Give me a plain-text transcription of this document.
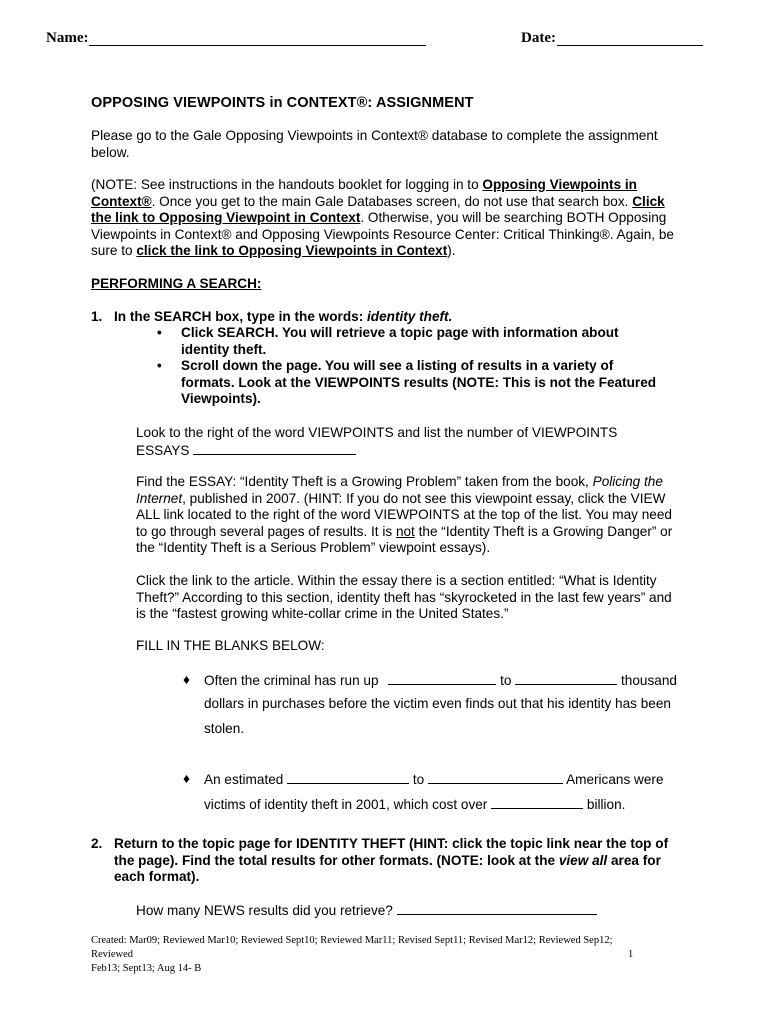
Name:	Date:
OPPOSING VIEWPOINTS in CONTEXT®: ASSIGNMENT
Please go to the Gale Opposing Viewpoints in Context® database to complete the assignment below.
(NOTE: See instructions in the handouts booklet for logging in to Opposing Viewpoints in Context®. Once you get to the main Gale Databases screen, do not use that search box. Click the link to Opposing Viewpoint in Context. Otherwise, you will be searching BOTH Opposing Viewpoints in Context® and Opposing Viewpoints Resource Center: Critical Thinking®. Again, be sure to click the link to Opposing Viewpoints in Context).
PERFORMING A SEARCH:
1. In the SEARCH box, type in the words: identity theft.
• Click SEARCH. You will retrieve a topic page with information about identity theft.
• Scroll down the page. You will see a listing of results in a variety of formats. Look at the VIEWPOINTS results (NOTE: This is not the Featured Viewpoints).
Look to the right of the word VIEWPOINTS and list the number of VIEWPOINTS ESSAYS
Find the ESSAY: “Identity Theft is a Growing Problem” taken from the book, Policing the Internet, published in 2007. (HINT: If you do not see this viewpoint essay, click the VIEW ALL link located to the right of the word VIEWPOINTS at the top of the list. You may need to go through several pages of results. It is not the “Identity Theft is a Growing Danger” or the “Identity Theft is a Serious Problem” viewpoint essays).
Click the link to the article. Within the essay there is a section entitled: “What is Identity Theft?” According to this section, identity theft has “skyrocketed in the last few years” and is the “fastest growing white-collar crime in the United States.”
FILL IN THE BLANKS BELOW:
♦ Often the criminal has run up	to	thousand
dollars in purchases before the victim even finds out that his identity has been
stolen.
♦ An estimated	to	Americans were
victims of identity theft in 2001, which cost over	billion.
2. Return to the topic page for IDENTITY THEFT (HINT: click the topic link near the top of the page). Find the total results for other formats. (NOTE: look at the view all area for each format).
How many NEWS results did you retrieve?
Created: Mar09; Reviewed Mar10; Reviewed Sept10; Reviewed Mar11; Revised Sept11; Revised Mar12; Reviewed Sep12; Reviewed
Feb13; Sept13; Aug 14- B
1
